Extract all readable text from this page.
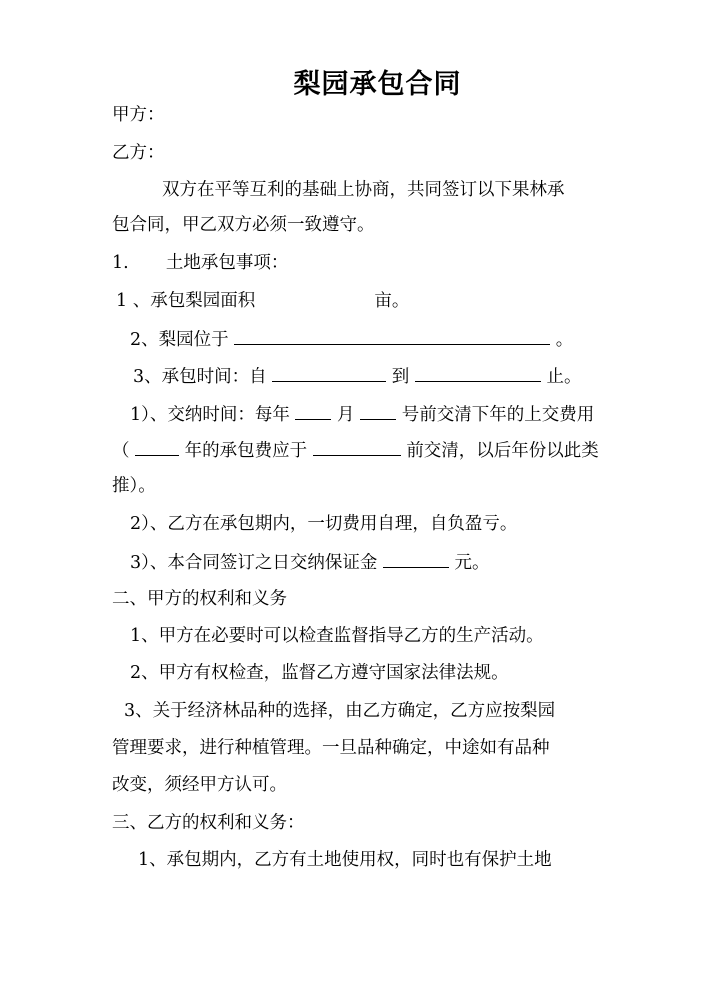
梨园承包合同
甲方：
乙方：
双方在平等互利的基础上协商，共同签订以下果林承
包合同，甲乙双方必须一致遵守。
1. 土地承包事项：
1 、承包梨园面积	亩。
2、梨园位于	。
3、承包时间：自	到	止。
1）、交纳时间：每年	月	号前交清下年的上交费用
（	年的承包费应于	前交清，以后年份以此类
推）。
2）、乙方在承包期内，一切费用自理，自负盈亏。
3）、本合同签订之日交纳保证金	元。
二、甲方的权利和义务
1、甲方在必要时可以检查监督指导乙方的生产活动。
2、甲方有权检查，监督乙方遵守国家法律法规。
3、关于经济林品种的选择，由乙方确定，乙方应按梨园
管理要求，进行种植管理。一旦品种确定，中途如有品种
改变，须经甲方认可。
三、乙方的权利和义务：
1、承包期内，乙方有土地使用权，同时也有保护土地
